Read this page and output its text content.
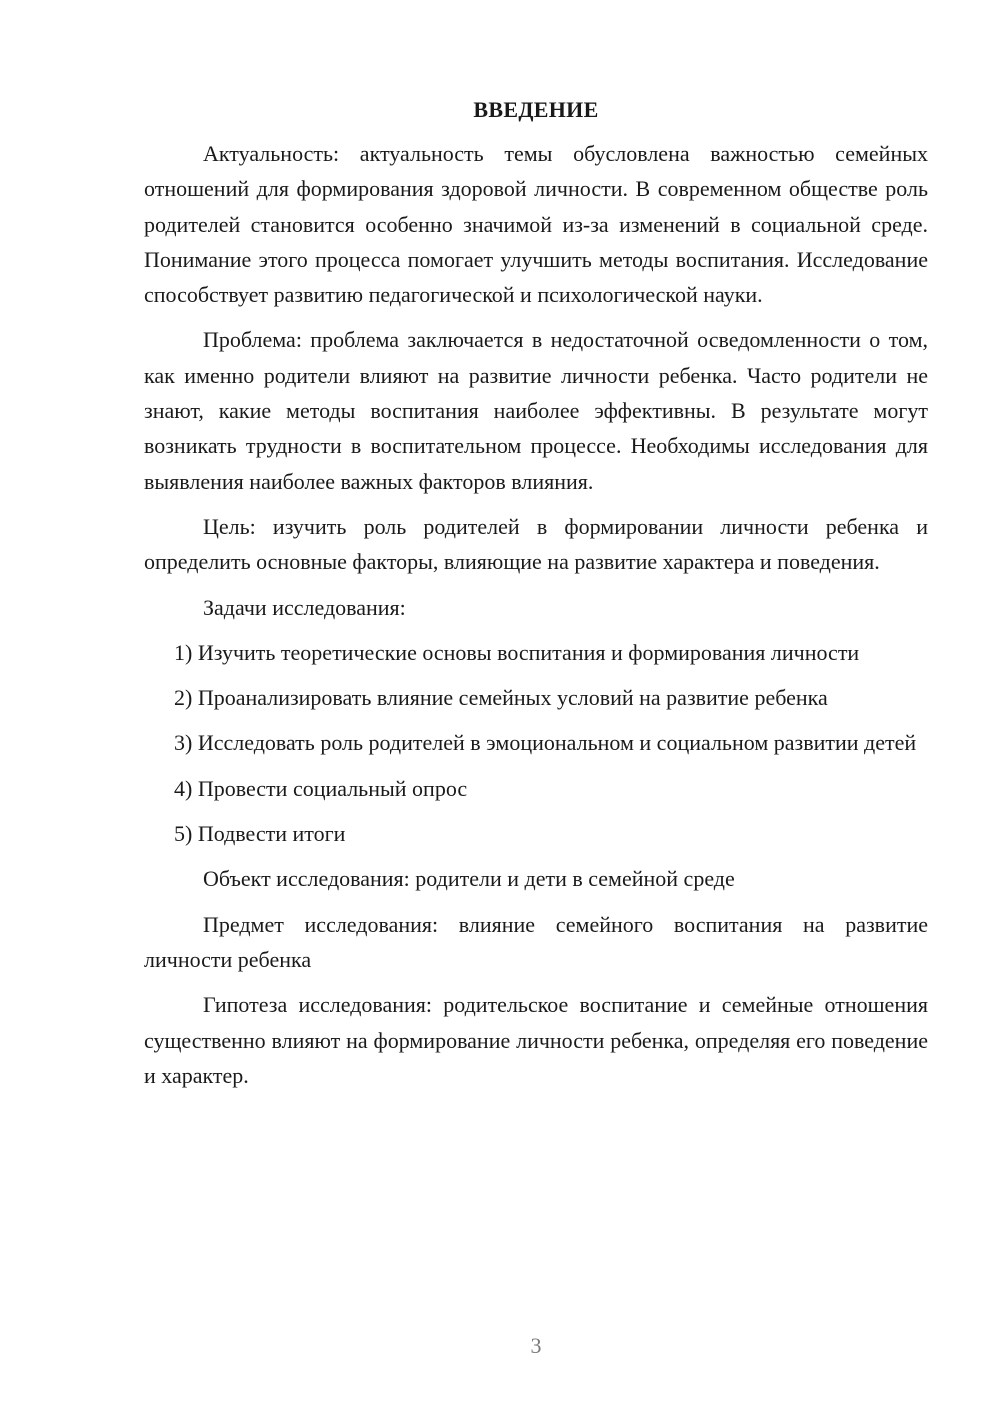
ВВЕДЕНИЕ

Актуальность: актуальность темы обусловлена важностью семейных отношений для формирования здоровой личности. В современном обществе роль родителей становится особенно значимой из-за изменений в социальной среде. Понимание этого процесса помогает улучшить методы воспитания. Исследование способствует развитию педагогической и психологической науки.

Проблема: проблема заключается в недостаточной осведомленности о том, как именно родители влияют на развитие личности ребенка. Часто родители не знают, какие методы воспитания наиболее эффективны. В результате могут возникать трудности в воспитательном процессе. Необходимы исследования для выявления наиболее важных факторов влияния.

Цель: изучить роль родителей в формировании личности ребенка и определить основные факторы, влияющие на развитие характера и поведения.

Задачи исследования:

1) Изучить теоретические основы воспитания и формирования личности

2) Проанализировать влияние семейных условий на развитие ребенка

3) Исследовать роль родителей в эмоциональном и социальном развитии детей

4) Провести социальный опрос

5) Подвести итоги

Объект исследования: родители и дети в семейной среде

Предмет исследования: влияние семейного воспитания на развитие личности ребенка

Гипотеза исследования: родительское воспитание и семейные отношения существенно влияют на формирование личности ребенка, определяя его поведение и характер.

3
